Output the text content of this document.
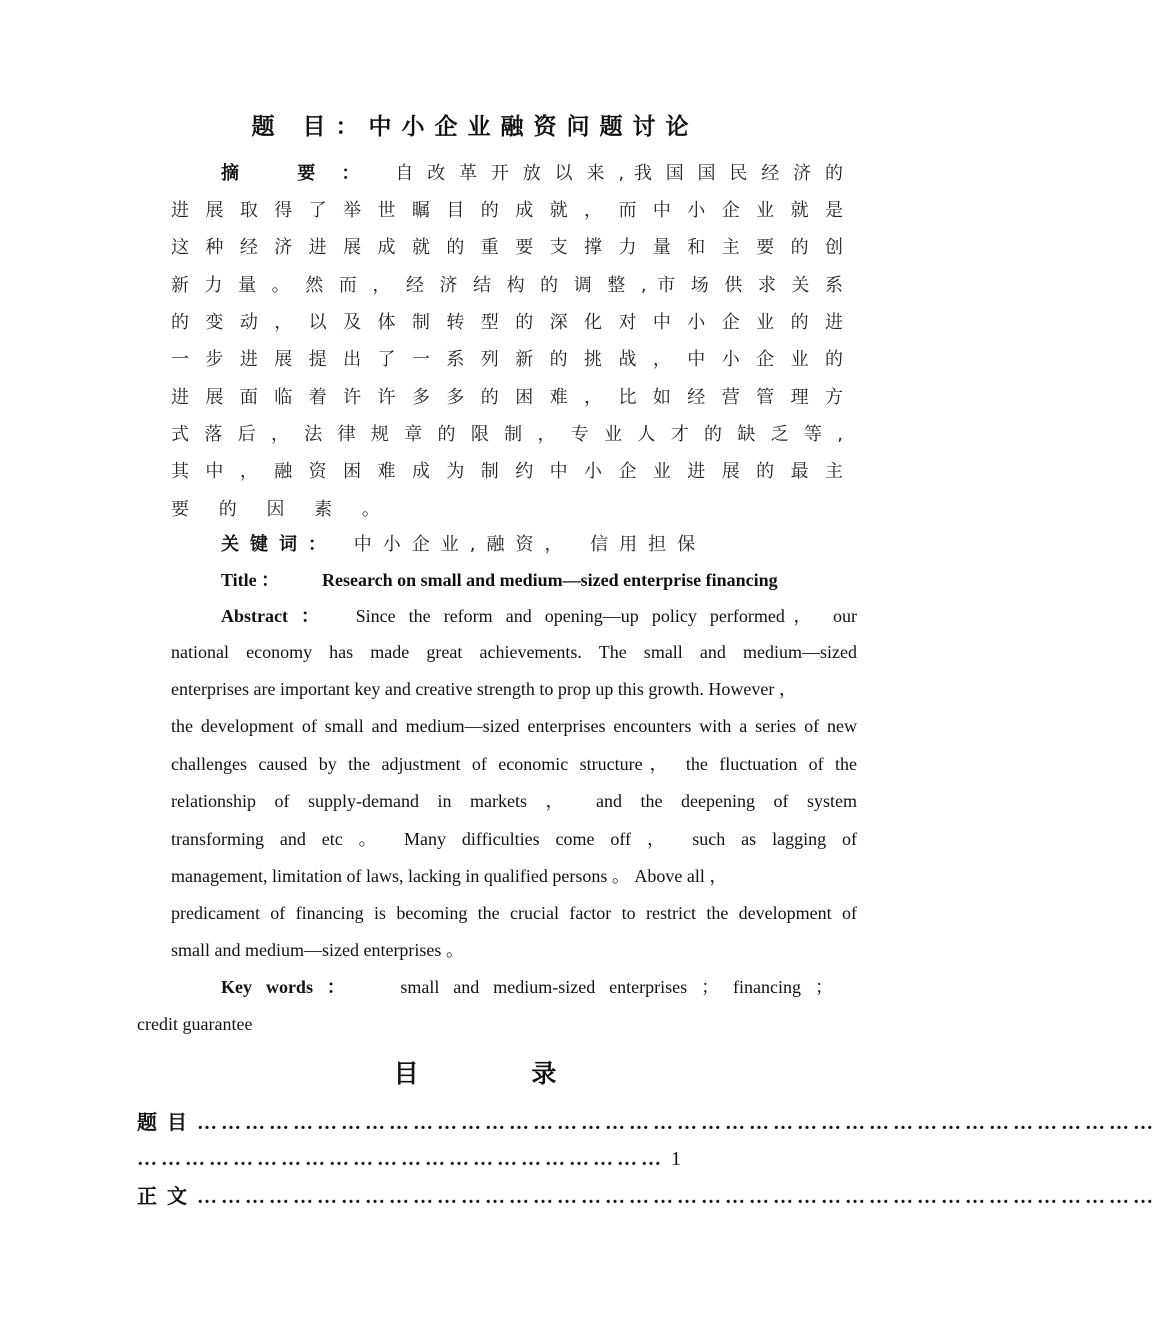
题 目：中小企业融资问题讨论
摘 要： 自 改 革 开 放 以 来 , 我 国 国 民 经 济 的
进 展 取 得 了 举 世 瞩 目 的 成 就 ， 而 中 小 企 业 就 是
这 种 经 济 进 展 成 就 的 重 要 支 撑 力 量 和 主 要 的 创
新 力 量 。 然 而 ， 经 济 结 构 的 调 整 , 市 场 供 求 关 系
的 变 动 ， 以 及 体 制 转 型 的 深 化 对 中 小 企 业 的 进
一 步 进 展 提 出 了 一 系 列 新 的 挑 战 ， 中 小 企 业 的
进 展 面 临 着 许 许 多 多 的 困 难 ， 比 如 经 营 管 理 方
式 落 后 ， 法 律 规 章 的 限 制 ， 专 业 人 才 的 缺 乏 等 ,
其 中 ， 融 资 困 难 成 为 制 约 中 小 企 业 进 展 的 最 主
要 的 因 素 。
关键词： 中小企业,融资， 信用担保
Title ： Research on small and medium—sized enterprise financing
Abstract ： Since the reform and opening—up policy performed， our
national economy has made great achievements. The small and medium—sized
enterprises are important key and creative strength to prop up this growth. However ，
the development of small and medium—sized enterprises encounters with a series of new
challenges caused by the adjustment of economic structure， the fluctuation of the
relationship of supply-demand in markets ， and the deepening of system
transforming and etc 。 Many difficulties come off ， such as lagging of
management, limitation of laws, lacking in qualified persons 。 Above all ，
predicament of financing is becoming the crucial factor to restrict the development of
small and medium—sized enterprises 。
Key words ：	small and medium-sized enterprises ； financing ；
credit guarantee
目 录
题目…………………………………………………………………………………………………………
………………………………………………………… 1
正文…………………………………………………………………………………………………………
